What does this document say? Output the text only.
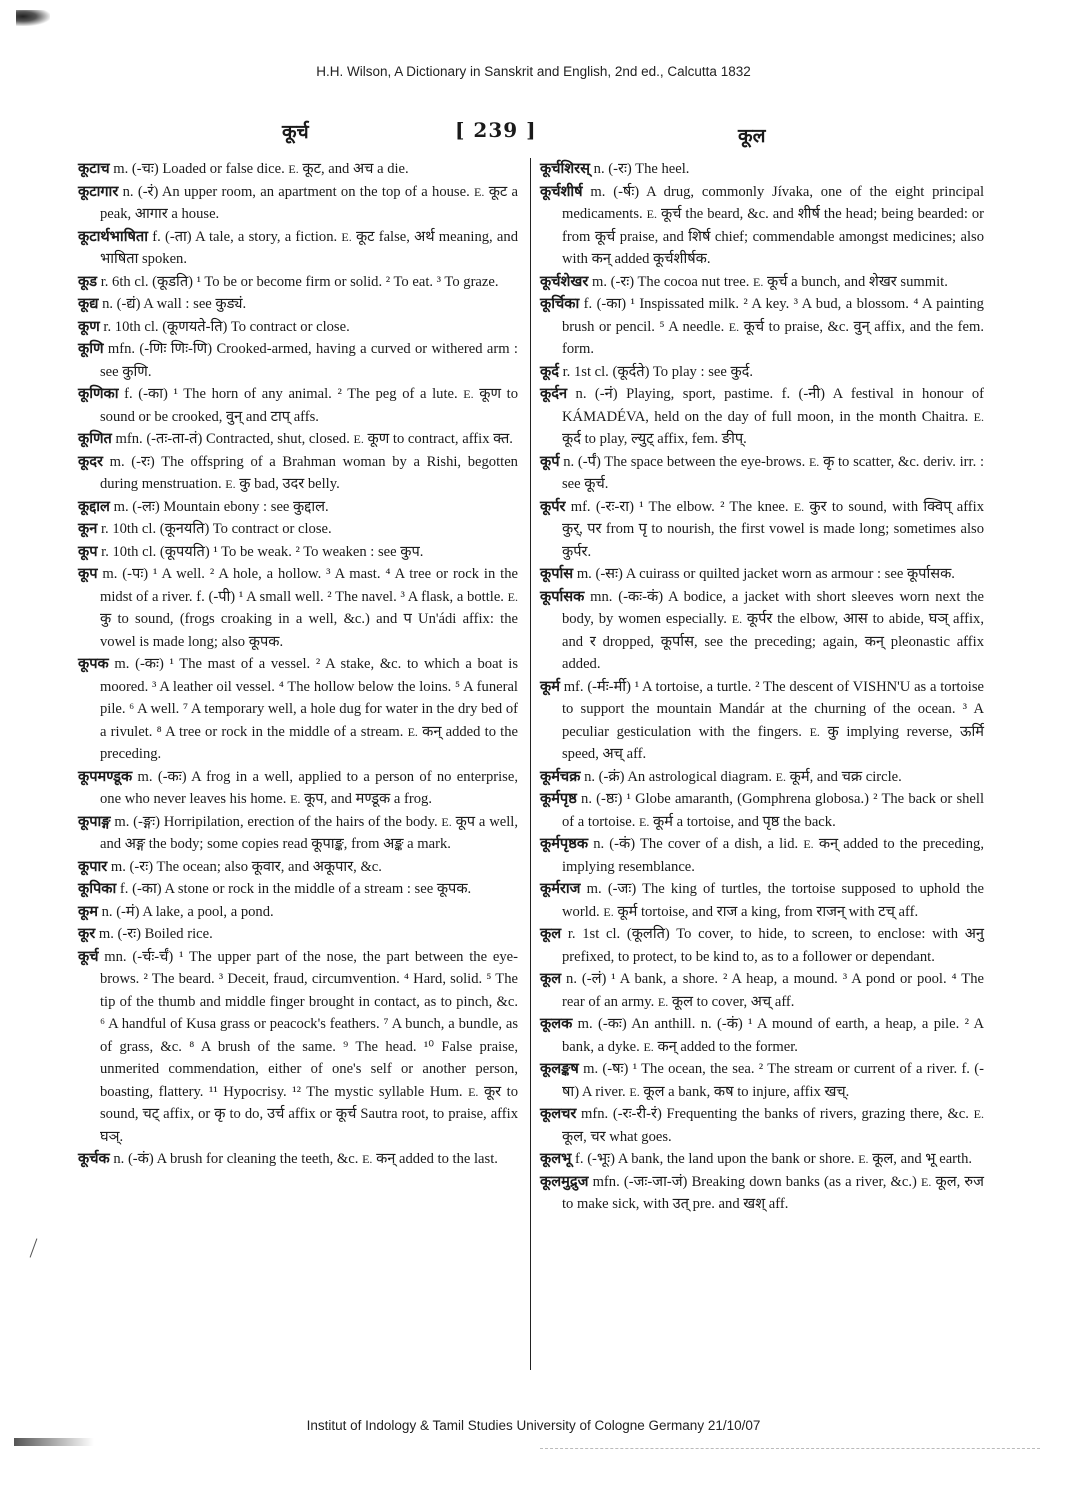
H.H. Wilson, A Dictionary in Sanskrit and English, 2nd ed., Calcutta 1832
कूर्च	[ 239 ]	कूल

कूटाच m. (-चः) Loaded or false dice. E. कूट, and अच a die.

कूटागार n. (-रं) An upper room, an apartment on the top of a house. E. कूट a peak, आगार a house.

कूटार्थभाषिता f. (-ता) A tale, a story, a fiction. E. कूट false, अर्थ meaning, and भाषिता spoken.

कूड r. 6th cl. (कूडति) ¹ To be or become firm or solid. ² To eat. ³ To graze.

कूद्य n. (-द्यं) A wall : see कुड्यं.

कूण r. 10th cl. (कूणयते-ति) To contract or close.

कूणि mfn. (-णिः णिः-णि) Crooked-armed, having a curved or withered arm : see कुणि.

कूणिका f. (-का) ¹ The horn of any animal. ² The peg of a lute. E. कूण to sound or be crooked, वुन् and टाप् affs.

कूणित mfn. (-तः-ता-तं) Contracted, shut, closed. E. कूण to contract, affix क्त.

कूदर m. (-रः) The offspring of a Brahman woman by a Rishi, begotten during menstruation. E. कु bad, उदर belly.

कूद्दाल m. (-लः) Mountain ebony : see कुद्दाल.

कून r. 10th cl. (कूनयति) To contract or close.

कूप r. 10th cl. (कूपयति) ¹ To be weak. ² To weaken : see कुप.

कूप m. (-पः) ¹ A well. ² A hole, a hollow. ³ A mast. ⁴ A tree or rock in the midst of a river. f. (-पी) ¹ A small well. ² The navel. ³ A flask, a bottle. E. कु to sound, (frogs croaking in a well, &c.) and प Un'ádi affix: the vowel is made long; also कूपक.

कूपक m. (-कः) ¹ The mast of a vessel. ² A stake, &c. to which a boat is moored. ³ A leather oil vessel. ⁴ The hollow below the loins. ⁵ A funeral pile. ⁶ A well. ⁷ A temporary well, a hole dug for water in the dry bed of a rivulet. ⁸ A tree or rock in the middle of a stream. E. कन् added to the preceding.

कूपमण्डूक m. (-कः) A frog in a well, applied to a person of no enterprise, one who never leaves his home. E. कूप, and मण्डूक a frog.

कूपाङ्ग m. (-ङ्गः) Horripilation, erection of the hairs of the body. E. कूप a well, and अङ्ग the body; some copies read कूपाङ्क, from अङ्क a mark.

कूपार m. (-रः) The ocean; also कूवार, and अकूपार, &c.

कूपिका f. (-का) A stone or rock in the middle of a stream : see कूपक.

कूम n. (-मं) A lake, a pool, a pond.

कूर m. (-रः) Boiled rice.

कूर्च mn. (-र्चः-र्चं) ¹ The upper part of the nose, the part between the eye-brows. ² The beard. ³ Deceit, fraud, circumvention. ⁴ Hard, solid. ⁵ The tip of the thumb and middle finger brought in contact, as to pinch, &c. ⁶ A handful of Kusa grass or peacock's feathers. ⁷ A bunch, a bundle, as of grass, &c. ⁸ A brush of the same. ⁹ The head. ¹⁰ False praise, unmerited commendation, either of one's self or another person, boasting, flattery. ¹¹ Hypocrisy. ¹² The mystic syllable Hum. E. कूर to sound, चट् affix, or कृ to do, उर्च affix or कूर्च Sautra root, to praise, affix घञ्.

कूर्चक n. (-कं) A brush for cleaning the teeth, &c. E. कन् added to the last.

कूर्चशिरस् n. (-रः) The heel.

कूर्चशीर्ष m. (-र्षः) A drug, commonly Jívaka, one of the eight principal medicaments. E. कूर्च the beard, &c. and शीर्ष the head; being bearded: or from कूर्च praise, and शिर्ष chief; commendable amongst medicines; also with कन् added कूर्चशीर्षक.

कूर्चशेखर m. (-रः) The cocoa nut tree. E. कूर्च a bunch, and शेखर summit.

कूर्चिका f. (-का) ¹ Inspissated milk. ² A key. ³ A bud, a blossom. ⁴ A painting brush or pencil. ⁵ A needle. E. कूर्च to praise, &c. वुन् affix, and the fem. form.

कूर्द r. 1st cl. (कूर्दते) To play : see कुर्द.

कूर्दन n. (-नं) Playing, sport, pastime. f. (-नी) A festival in honour of KÁMADÉVA, held on the day of full moon, in the month Chaitra. E. कूर्द to play, ल्युट् affix, fem. ङीप्.

कूर्प n. (-र्पं) The space between the eye-brows. E. कृ to scatter, &c. deriv. irr. : see कूर्च.

कूर्पर mf. (-रः-रा) ¹ The elbow. ² The knee. E. कुर to sound, with क्विप् affix कुर्, पर from पृ to nourish, the first vowel is made long; sometimes also कुर्पर.

कूर्पास m. (-सः) A cuirass or quilted jacket worn as armour : see कूर्पासक.

कूर्पासक mn. (-कः-कं) A bodice, a jacket with short sleeves worn next the body, by women especially. E. कूर्पर the elbow, आस to abide, घञ् affix, and र dropped, कूर्पास, see the preceding; again, कन् pleonastic affix added.

कूर्म mf. (-र्मः-र्मी) ¹ A tortoise, a turtle. ² The descent of VISHN'U as a tortoise to support the mountain Mandár at the churning of the ocean. ³ A peculiar gesticulation with the fingers. E. कु implying reverse, ऊर्मि speed, अच् aff.

कूर्मचक्र n. (-क्रं) An astrological diagram. E. कूर्म, and चक्र circle.

कूर्मपृष्ठ n. (-ष्ठः) ¹ Globe amaranth, (Gomphrena globosa.) ² The back or shell of a tortoise. E. कूर्म a tortoise, and पृष्ठ the back.

कूर्मपृष्ठक n. (-कं) The cover of a dish, a lid. E. कन् added to the preceding, implying resemblance.

कूर्मराज m. (-जः) The king of turtles, the tortoise supposed to uphold the world. E. कूर्म tortoise, and राज a king, from राजन् with टच् aff.

कूल r. 1st cl. (कूलति) To cover, to hide, to screen, to enclose: with अनु prefixed, to protect, to be kind to, as to a follower or dependant.

कूल n. (-लं) ¹ A bank, a shore. ² A heap, a mound. ³ A pond or pool. ⁴ The rear of an army. E. कूल to cover, अच् aff.

कूलक m. (-कः) An anthill. n. (-कं) ¹ A mound of earth, a heap, a pile. ² A bank, a dyke. E. कन् added to the former.

कूलङ्कष m. (-षः) ¹ The ocean, the sea. ² The stream or current of a river. f. (-षा) A river. E. कूल a bank, कष to injure, affix खच्.

कूलचर mfn. (-रः-री-रं) Frequenting the banks of rivers, grazing there, &c. E. कूल, चर what goes.

कूलभू f. (-भूः) A bank, the land upon the bank or shore. E. कूल, and भू earth.

कूलमुद्रुज mfn. (-जः-जा-जं) Breaking down banks (as a river, &c.) E. कूल, रुज to make sick, with उत् pre. and खश् aff.

Institut of Indology & Tamil Studies University of Cologne Germany 21/10/07
